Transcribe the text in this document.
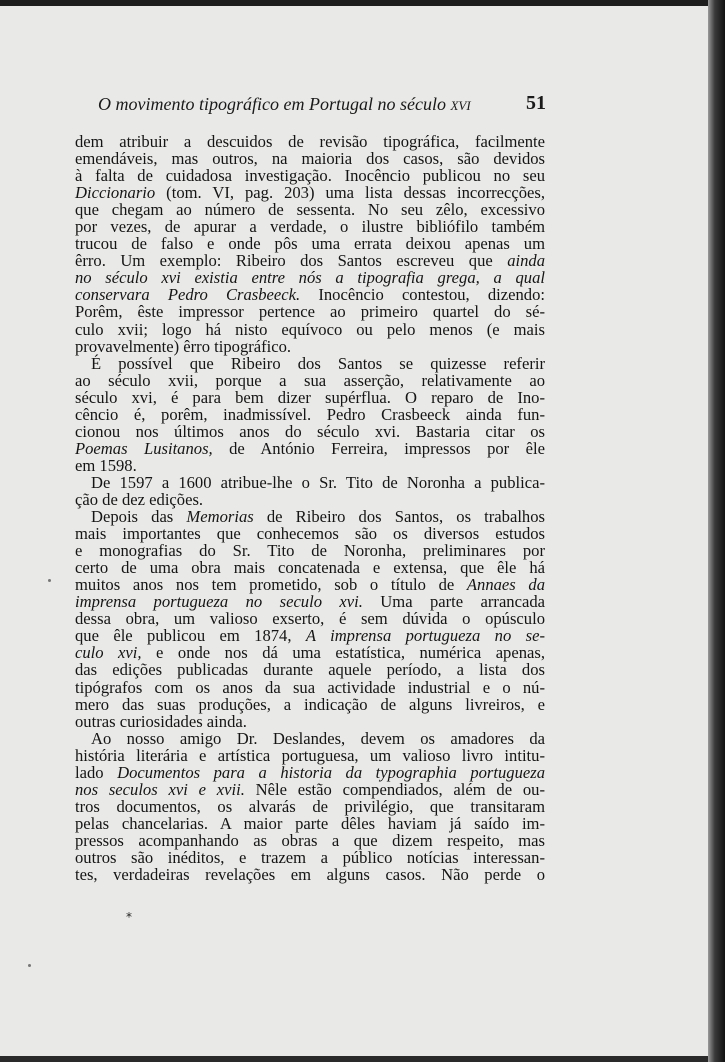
O movimento tipográfico em Portugal no século xvi	51
dem atribuir a descuidos de revisão tipográfica, facilmente
emendáveis, mas outros, na maioria dos casos, são devidos
à falta de cuidadosa investigação. Inocêncio publicou no seu
Diccionario (tom. VI, pag. 203) uma lista dessas incorrecções,
que chegam ao número de sessenta. No seu zêlo, excessivo
por vezes, de apurar a verdade, o ilustre bibliófilo também
trucou de falso e onde pôs uma errata deixou apenas um
êrro. Um exemplo: Ribeiro dos Santos escreveu que ainda
no século xvi existia entre nós a tipografia grega, a qual
conservara Pedro Crasbeeck. Inocêncio contestou, dizendo:
Porêm, êste impressor pertence ao primeiro quartel do sé-
culo xvii; logo há nisto equívoco ou pelo menos (e mais
provavelmente) êrro tipográfico.
É possível que Ribeiro dos Santos se quizesse referir
ao século xvii, porque a sua asserção, relativamente ao
século xvi, é para bem dizer supérflua. O reparo de Ino-
cêncio é, porêm, inadmissível. Pedro Crasbeeck ainda fun-
cionou nos últimos anos do século xvi. Bastaria citar os
Poemas Lusitanos, de António Ferreira, impressos por êle
em 1598.
De 1597 a 1600 atribue-lhe o Sr. Tito de Noronha a publica-
ção de dez edições.
Depois das Memorias de Ribeiro dos Santos, os trabalhos
mais importantes que conhecemos são os diversos estudos
e monografias do Sr. Tito de Noronha, preliminares por
certo de uma obra mais concatenada e extensa, que êle há
muitos anos nos tem prometido, sob o título de Annaes da
imprensa portugueza no seculo xvi. Uma parte arrancada
dessa obra, um valioso exserto, é sem dúvida o opúsculo
que êle publicou em 1874, A imprensa portugueza no se-
culo xvi, e onde nos dá uma estatística, numérica apenas,
das edições publicadas durante aquele período, a lista dos
tipógrafos com os anos da sua actividade industrial e o nú-
mero das suas produções, a indicação de alguns livreiros, e
outras curiosidades ainda.
Ao nosso amigo Dr. Deslandes, devem os amadores da
história literária e artística portuguesa, um valioso livro intitu-
lado Documentos para a historia da typographia portugueza
nos seculos xvi e xvii. Nêle estão compendiados, além de ou-
tros documentos, os alvarás de privilégio, que transitaram
pelas chancelarias. A maior parte dêles haviam já saído im-
pressos acompanhando as obras a que dizem respeito, mas
outros são inéditos, e trazem a público notícias interessan-
tes, verdadeiras revelações em alguns casos. Não perde o
*
